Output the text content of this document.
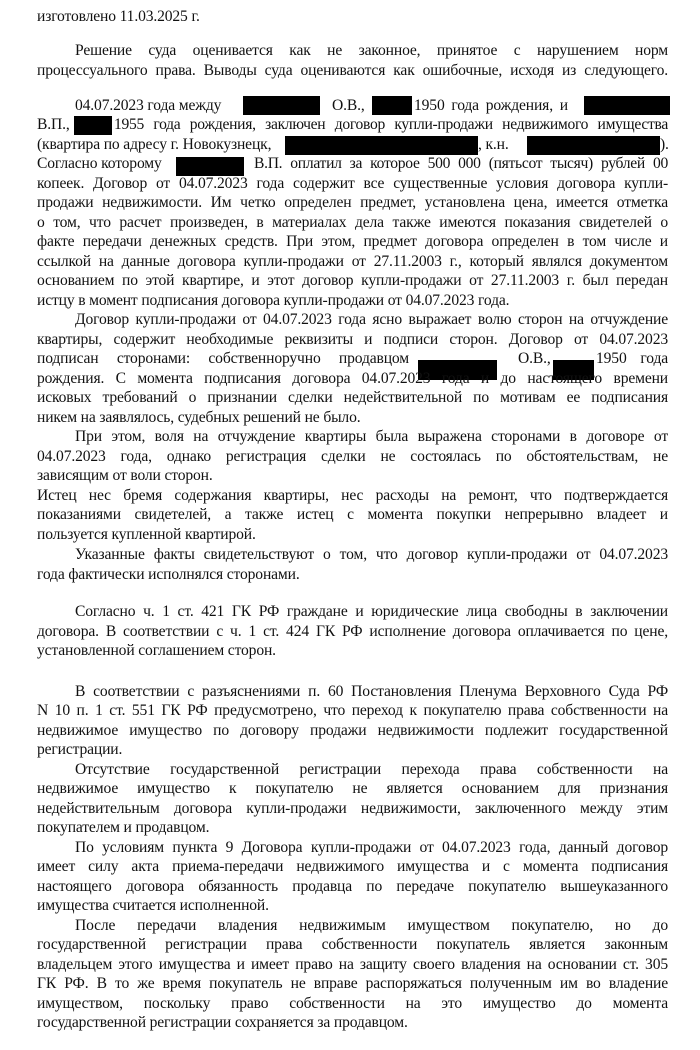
изготовлено 11.03.2025 г.
Решение суда оценивается как не законное, принятое с нарушением норм
процессуального права. Выводы суда оцениваются как ошибочные, исходя из следующего.
04.07.2023 года между	О.В.,	1950 года рождения, и
В.П.,	1955 года рождения, заключен договор купли-продажи недвижимого имущества
(квартира по адресу г. Новокузнецк,	, к.н.	).
Согласно которому	В.П. оплатил за которое 500 000 (пятьсот тысяч) рублей 00
копеек. Договор от 04.07.2023 года содержит все существенные условия договора купли-
продажи недвижимости. Им четко определен предмет, установлена цена, имеется отметка
о том, что расчет произведен, в материалах дела также имеются показания свидетелей о
факте передачи денежных средств. При этом, предмет договора определен в том числе и
ссылкой на данные договора купли-продажи от 27.11.2003 г., который являлся документом
основанием по этой квартире, и этот договор купли-продажи от 27.11.2003 г. был передан
истцу в момент подписания договора купли-продажи от 04.07.2023 года.
Договор купли-продажи от 04.07.2023 года ясно выражает волю сторон на отчуждение
квартиры, содержит необходимые реквизиты и подписи сторон. Договор от 04.07.2023
подписан сторонами: собственноручно продавцом	О.В.,	1950 года
рождения. С момента подписания договора 04.07.2023 года и до настоящего времени
исковых требований о признании сделки недействительной по мотивам ее подписания
никем на заявлялось, судебных решений не было.
При этом, воля на отчуждение квартиры была выражена сторонами в договоре от
04.07.2023 года, однако регистрация сделки не состоялась по обстоятельствам, не
зависящим от воли сторон.
Истец нес бремя содержания квартиры, нес расходы на ремонт, что подтверждается
показаниями свидетелей, а также истец с момента покупки непрерывно владеет и
пользуется купленной квартирой.
Указанные факты свидетельствуют о том, что договор купли-продажи от 04.07.2023
года фактически исполнялся сторонами.
Согласно ч. 1 ст. 421 ГК РФ граждане и юридические лица свободны в заключении
договора. В соответствии с ч. 1 ст. 424 ГК РФ исполнение договора оплачивается по цене,
установленной соглашением сторон.
В соответствии с разъяснениями п. 60 Постановления Пленума Верховного Суда РФ
N 10 п. 1 ст. 551 ГК РФ предусмотрено, что переход к покупателю права собственности на
недвижимое имущество по договору продажи недвижимости подлежит государственной
регистрации.
Отсутствие государственной регистрации перехода права собственности на
недвижимое имущество к покупателю не является основанием для признания
недействительным договора купли-продажи недвижимости, заключенного между этим
покупателем и продавцом.
По условиям пункта 9 Договора купли-продажи от 04.07.2023 года, данный договор
имеет силу акта приема-передачи недвижимого имущества и с момента подписания
настоящего договора обязанность продавца по передаче покупателю вышеуказанного
имущества считается исполненной.
После передачи владения недвижимым имуществом покупателю, но до
государственной регистрации права собственности покупатель является законным
владельцем этого имущества и имеет право на защиту своего владения на основании ст. 305
ГК РФ. В то же время покупатель не вправе распоряжаться полученным им во владение
имуществом, поскольку право собственности на это имущество до момента
государственной регистрации сохраняется за продавцом.
